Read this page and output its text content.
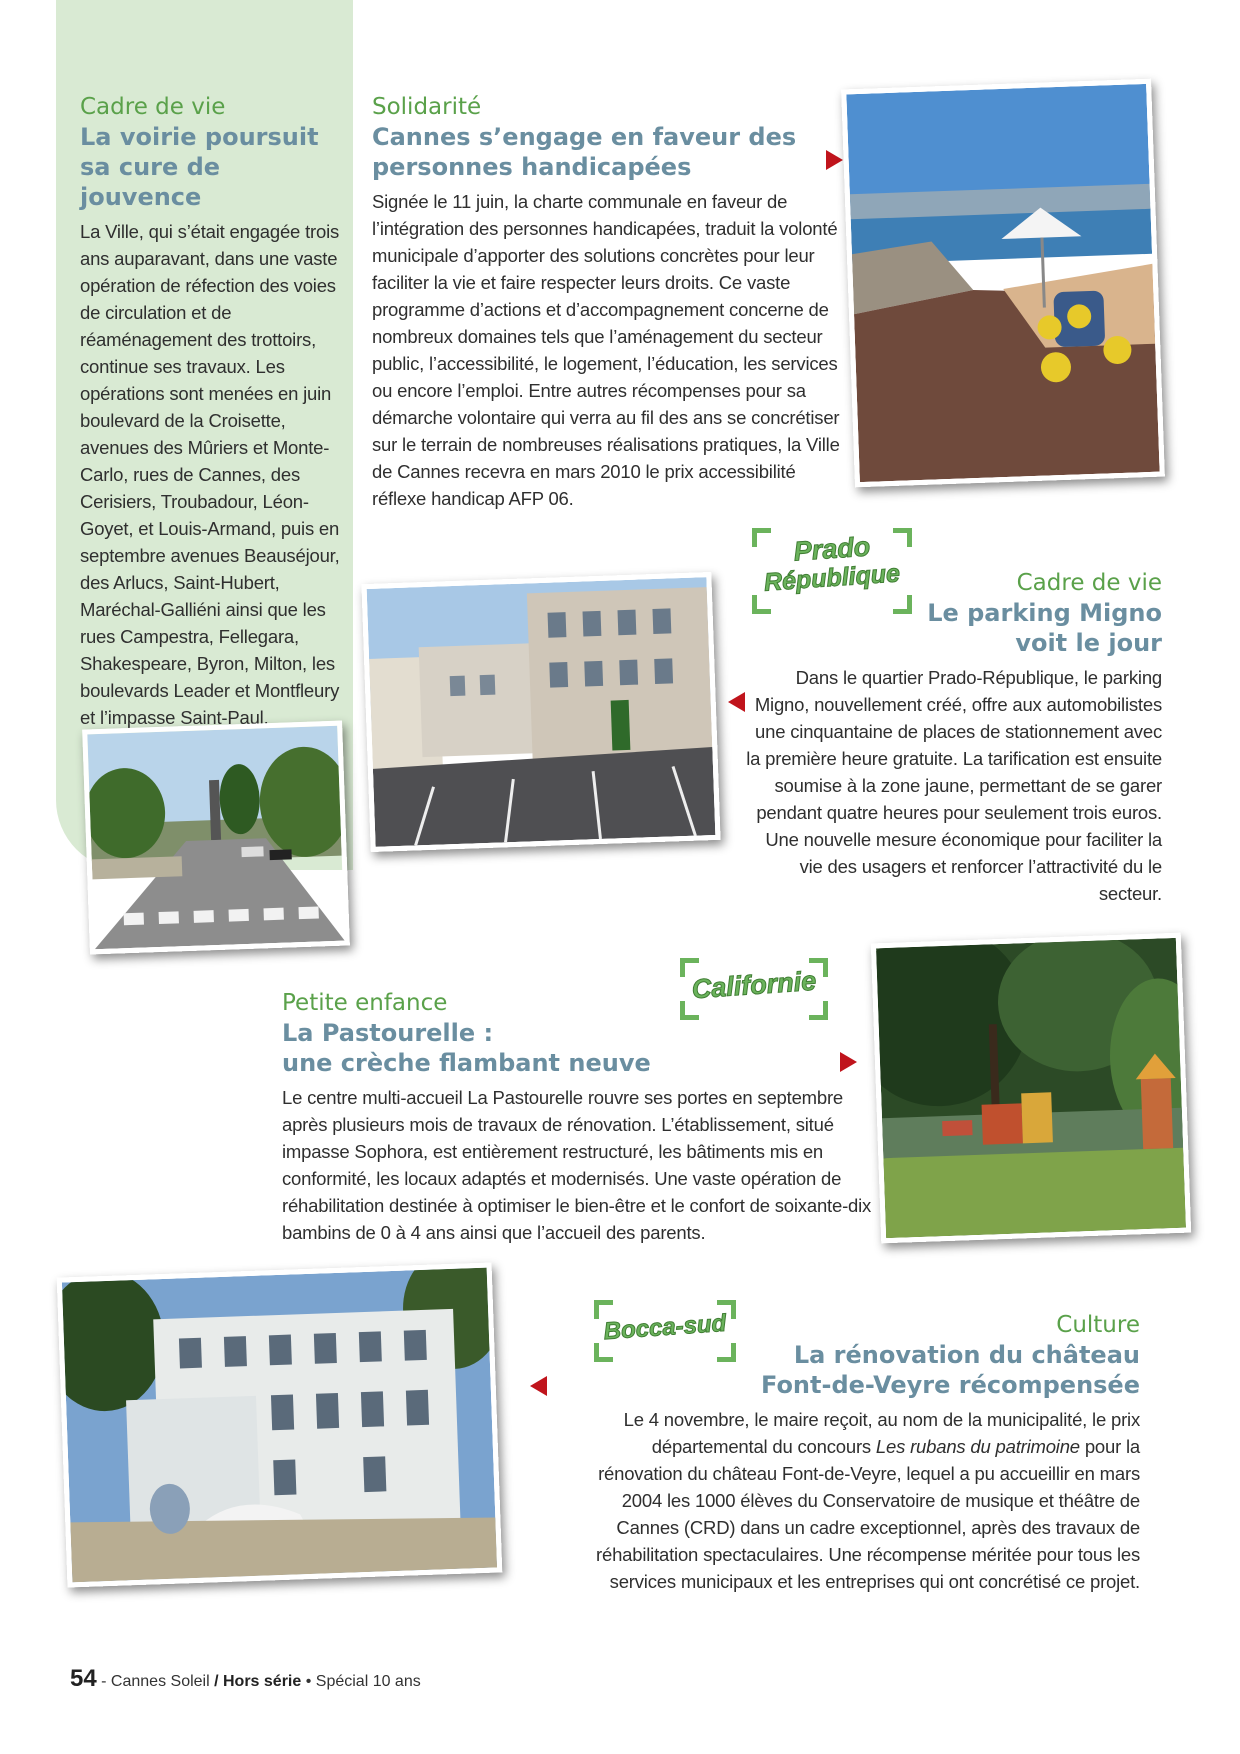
Cadre de vie
La voirie poursuit
sa cure de jouvence
La Ville, qui s’était engagée trois ans auparavant, dans une vaste opération de réfection des voies de circulation et de réaménagement des trottoirs, continue ses travaux. Les opérations sont menées en juin boulevard de la Croisette, avenues des Mûriers et Monte-Carlo, rues de Cannes, des Cerisiers, Troubadour, Léon-Goyet, et Louis-Armand, puis en septembre avenues Beauséjour, des Arlucs, Saint-Hubert, Maréchal-Galliéni ainsi que les rues Campestra, Fellegara, Shakespeare, Byron, Milton, les boulevards Leader et Montfleury et l’impasse Saint-Paul.
Solidarité
Cannes s’engage en faveur des
personnes handicapées
Signée le 11 juin, la charte communale en faveur de l’intégration des personnes handicapées, traduit la volonté municipale d’apporter des solutions concrètes pour leur faciliter la vie et faire respecter leurs droits. Ce vaste programme d’actions et d’accompagnement concerne de nombreux domaines tels que l’aménagement du secteur public, l’accessibilité, le logement, l’éducation, les services ou encore l’emploi. Entre autres récompenses pour sa démarche volontaire qui verra au fil des ans se concrétiser sur le terrain de nombreuses réalisations pratiques, la Ville de Cannes recevra en mars 2010 le prix accessibilité réflexe handicap AFP 06.
Prado
République	Cadre de vie
Le parking Migno
voit le jour
Dans le quartier Prado-République, le parking Migno, nouvellement créé, offre aux automobilistes une cinquantaine de places de stationnement avec la première heure gratuite. La tarification est ensuite soumise à la zone jaune, permettant de se garer pendant quatre heures pour seulement trois euros. Une nouvelle mesure économique pour faciliter la vie des usagers et renforcer l’attractivité du le secteur.
Californie
Petite enfance
La Pastourelle :
une crèche flambant neuve
Le centre multi-accueil La Pastourelle rouvre ses portes en septembre après plusieurs mois de travaux de rénovation. L’établissement, situé impasse Sophora, est entièrement restructuré, les bâtiments mis en conformité, les locaux adaptés et modernisés. Une vaste opération de réhabilitation destinée à optimiser le bien-être et le confort de soixante-dix bambins de 0 à 4 ans ainsi que l’accueil des parents.
Bocca-sud	Culture
La rénovation du château
Font-de-Veyre récompensée
Le 4 novembre, le maire reçoit, au nom de la municipalité, le prix départemental du concours Les rubans du patrimoine pour la rénovation du château Font-de-Veyre, lequel a pu accueillir en mars 2004 les 1000 élèves du Conservatoire de musique et théâtre de Cannes (CRD) dans un cadre exceptionnel, après des travaux de réhabilitation spectaculaires. Une récompense méritée pour tous les services municipaux et les entreprises qui ont concrétisé ce projet.
54 - Cannes Soleil / Hors série • Spécial 10 ans
